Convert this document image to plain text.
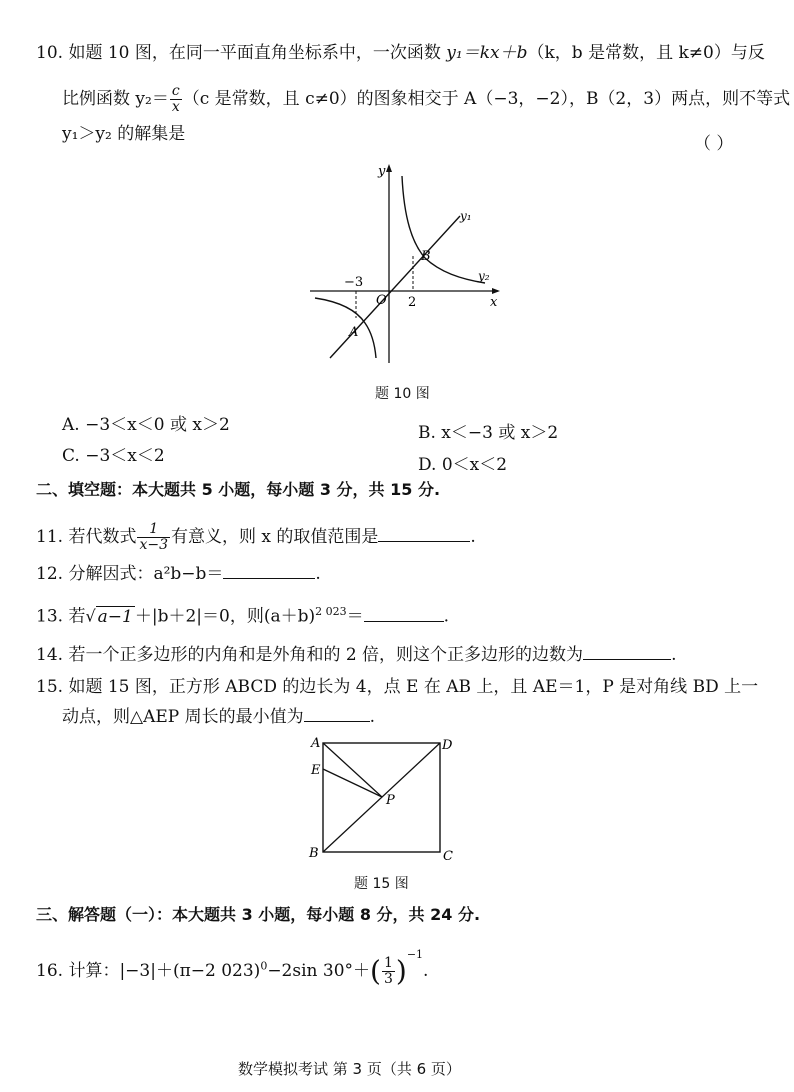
10. 如题 10 图，在同一平面直角坐标系中，一次函数 y₁＝kx＋b（k，b 是常数，且 k≠0）与反
比例函数 $y_2= \frac{c}{x} (c$ 是常数，且 c≠0）的图象相交于 A（−3，−2），B（2，3）两点，则不等式
y₁＞y₂ 的解集是	（ ）
y
x
O
y₁
y₂
B
A
−3
2
题 10 图
A. −3＜x＜0 或 x＞2	B. x＜−3 或 x＞2
C. −3＜x＜2	D. 0＜x＜2
二、填空题：本大题共 5 小题，每小题 3 分，共 15 分.
11. 若代数式 $\frac{1}{x-3}$ 有意义，则 x 的取值范围是	.
12. 分解因式：a²b−b＝	.
13. 若√ a−1 ＋|b＋2|＝0，则$(a+b)^{2 023}=$	.
14. 若一个正多边形的内角和是外角和的 2 倍，则这个正多边形的边数为	.
15. 如题 15 图，正方形 ABCD 的边长为 4，点 E 在 AB 上，且 AE＝1，P 是对角线 BD 上一
动点，则△AEP 周长的最小值为	.
A	D
E
P
B	C
题 15 图
三、解答题（一）：本大题共 3 小题，每小题 8 分，共 24 分.
16. 计算：|−3|＋(π−2 023)$^0$−2sin $30^\circ+( \frac{1}{3} )^{-1}$.
数学模拟考试 第 3 页（共 6 页）
